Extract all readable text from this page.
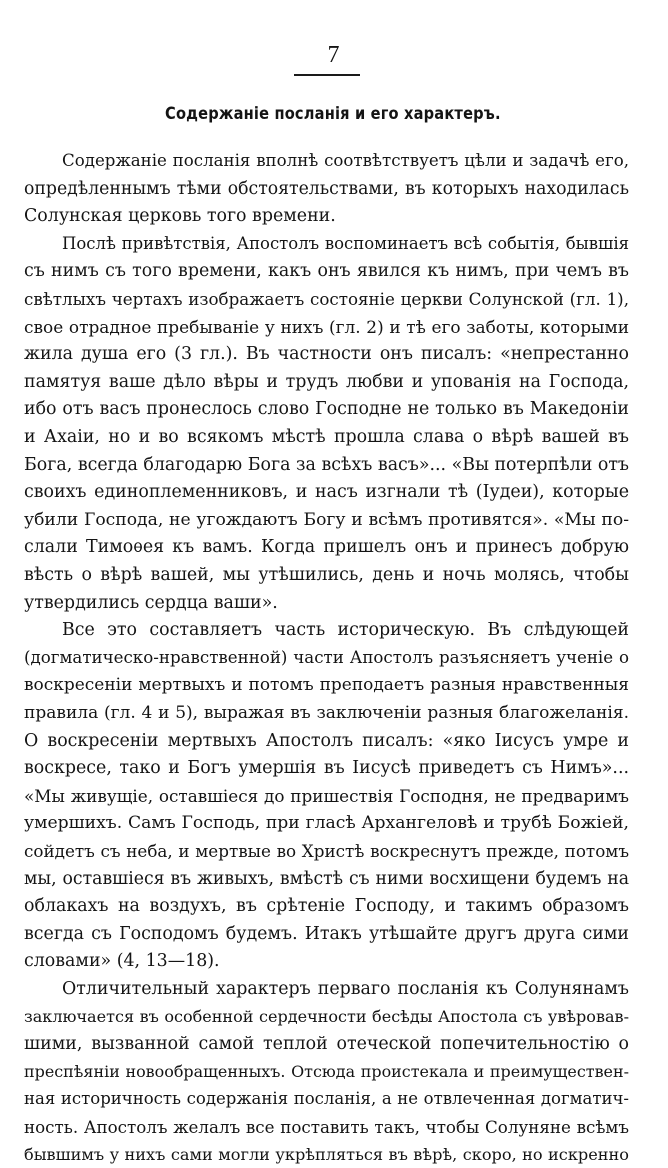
7
Содержаніе посланія и его характеръ.
Содержаніе посланія вполнѣ соотвѣтствуетъ цѣли и задачѣ его,
опредѣленнымъ тѣми обстоятельствами, въ которыхъ находилась
Солунская церковь того времени.
Послѣ привѣтствія, Апостолъ воспоминаетъ всѣ событія, бывшія
съ нимъ съ того времени, какъ онъ явился къ нимъ, при чемъ въ
свѣтлыхъ чертахъ изображаетъ состояніе церкви Солунской (гл. 1),
свое отрадное пребываніе у нихъ (гл. 2) и тѣ его заботы, которыми
жила душа его (3 гл.). Въ частности онъ писалъ: «непрестанно
памятуя ваше дѣло вѣры и трудъ любви и упованія на Господа,
ибо отъ васъ пронеслось слово Господне не только въ Македоніи
и Ахаіи, но и во всякомъ мѣстѣ прошла слава о вѣрѣ вашей въ
Бога, всегда благодарю Бога за всѣхъ васъ»... «Вы потерпѣли отъ
своихъ единоплеменниковъ, и насъ изгнали тѣ (Іудеи), которые
убили Господа, не угождаютъ Богу и всѣмъ противятся». «Мы по-
слали Тимоѳея къ вамъ. Когда пришелъ онъ и принесъ добрую
вѣсть о вѣрѣ вашей, мы утѣшились, день и ночь молясь, чтобы
утвердились сердца ваши».
Все это составляетъ часть историческую. Въ слѣдующей
(догматическо-нравственной) части Апостолъ разъясняетъ ученіе о
воскресеніи мертвыхъ и потомъ преподаетъ разныя нравственныя
правила (гл. 4 и 5), выражая въ заключеніи разныя благожеланія.
О воскресеніи мертвыхъ Апостолъ писалъ: «яко Іисусъ умре и
воскресе, тако и Богъ умершія въ Іисусѣ приведетъ съ Нимъ»...
«Мы живущіе, оставшіеся до пришествія Господня, не предваримъ
умершихъ. Самъ Господь, при гласѣ Архангеловѣ и трубѣ Божіей,
сойдетъ съ неба, и мертвые во Христѣ воскреснутъ прежде, потомъ
мы, оставшіеся въ живыхъ, вмѣстѣ съ ними восхищени будемъ на
облакахъ на воздухъ, въ срѣтеніе Господу, и такимъ образомъ
всегда съ Господомъ будемъ. Итакъ утѣшайте другъ друга сими
словами» (4, 13—18).
Отличительный характеръ перваго посланія къ Солунянамъ
заключается въ особенной сердечности бесѣды Апостола съ увѣровав-
шими, вызванной самой теплой отеческой попечительностію о
преспѣяніи новообращенныхъ. Отсюда проистекала и преимуществен-
ная историчность содержанія посланія, а не отвлеченная догматич-
ность. Апостолъ желалъ все поставить такъ, чтобы Солуняне всѣмъ
бывшимъ у нихъ сами могли укрѣпляться въ вѣрѣ, скоро, но искренно
